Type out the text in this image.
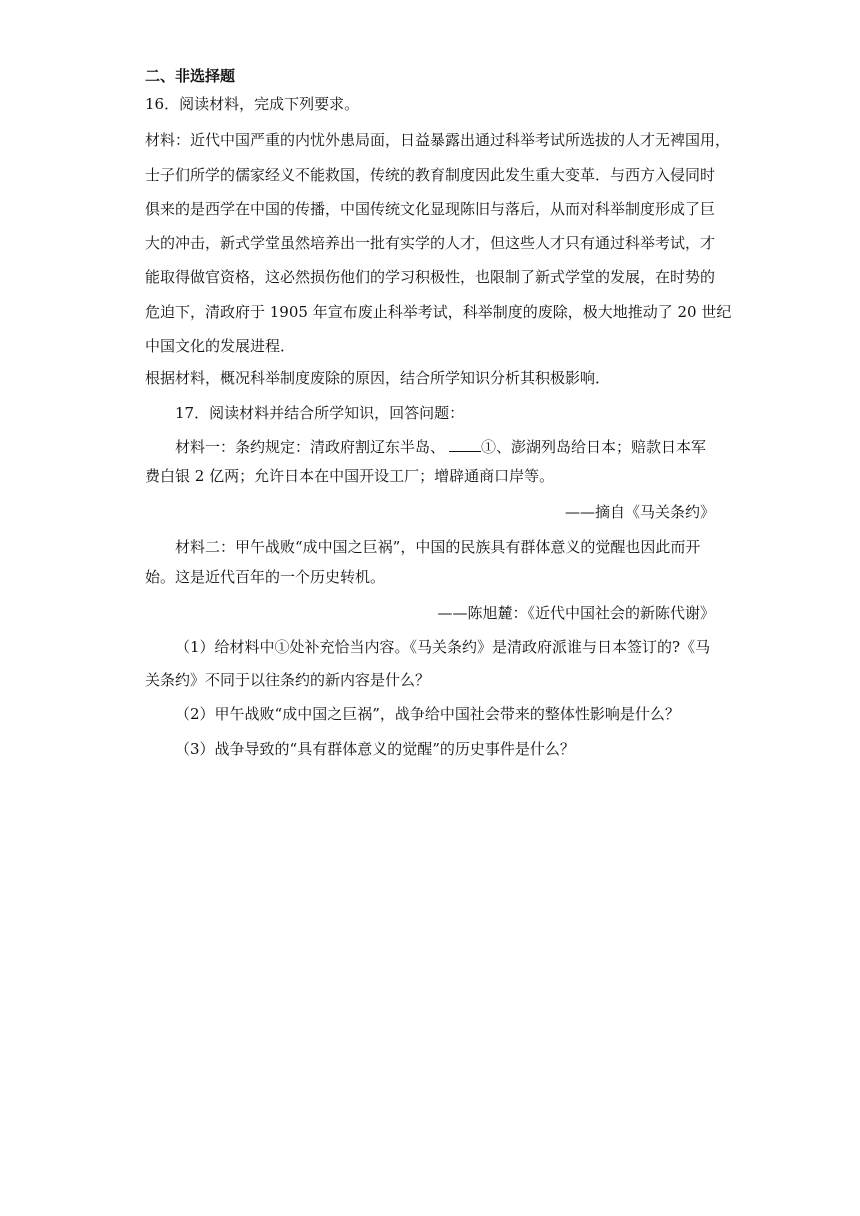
二、非选择题
16．阅读材料，完成下列要求。
材料：近代中国严重的内忧外患局面，日益暴露出通过科举考试所选拔的人才无裨国用，
士子们所学的儒家经义不能救国，传统的教育制度因此发生重大变革．与西方入侵同时
俱来的是西学在中国的传播，中国传统文化显现陈旧与落后，从而对科举制度形成了巨
大的冲击，新式学堂虽然培养出一批有实学的人才，但这些人才只有通过科举考试，才
能取得做官资格，这必然损伤他们的学习积极性，也限制了新式学堂的发展，在时势的
危迫下，清政府于 1905 年宣布废止科举考试，科举制度的废除，极大地推动了 20 世纪
中国文化的发展进程．
根据材料，概况科举制度废除的原因，结合所学知识分析其积极影响．
17．阅读材料并结合所学知识，回答问题：
材料一：条约规定：清政府割辽东半岛、 ①、澎湖列岛给日本；赔款日本军
费白银 2 亿两；允许日本在中国开设工厂；增辟通商口岸等。
——摘自《马关条约》
材料二：甲午战败“成中国之巨祸”，中国的民族具有群体意义的觉醒也因此而开
始。这是近代百年的一个历史转机。
——陈旭麓：《近代中国社会的新陈代谢》
（1）给材料中①处补充恰当内容。《马关条约》是清政府派谁与日本签订的?《马
关条约》不同于以往条约的新内容是什么？
（2）甲午战败“成中国之巨祸”，战争给中国社会带来的整体性影响是什么？
（3）战争导致的“具有群体意义的觉醒”的历史事件是什么？
